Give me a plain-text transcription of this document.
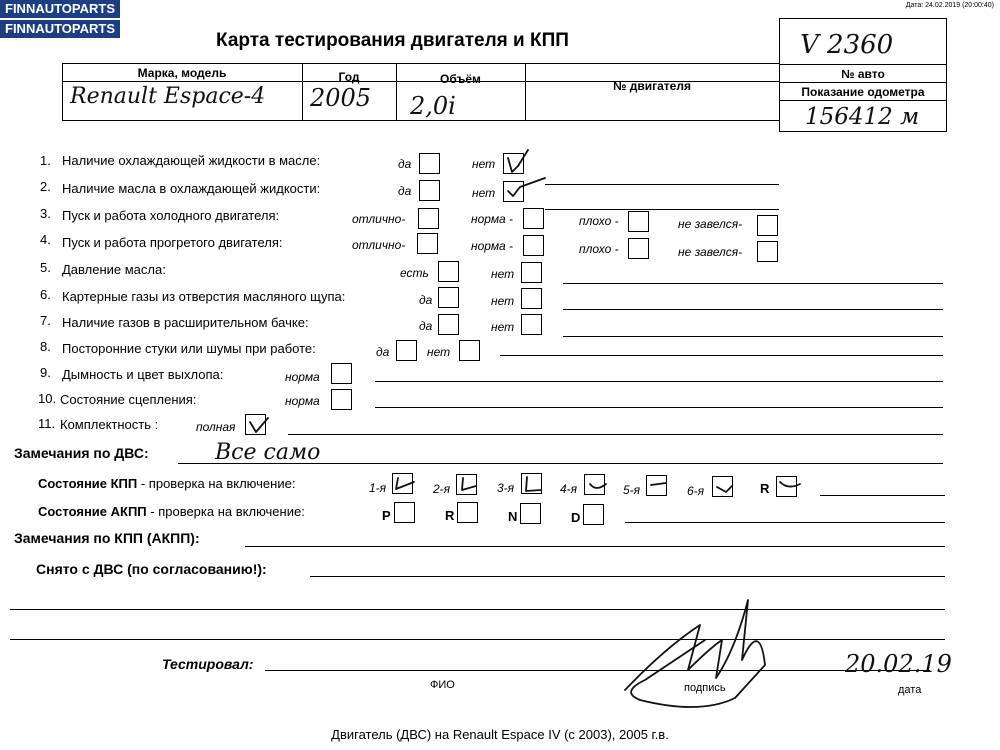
FINNAUTOPARTS
FINNAUTOPARTS
Дата: 24.02.2019 (20:00:40)
Карта тестирования двигателя и КПП	V 2360
№ авто
Показание одометра
156412 м
Марка, модель	Год	Объём	№ двигателя
Renault Espace-4 2005 2,0i
1. Наличие охлаждающей жидкости в масле:	да	нет
2. Наличие масла в охлаждающей жидкости:	да	нет
3. Пуск и работа холодного двигателя:	отлично-	норма -	плохо -	не завелся-
4. Пуск и работа прогретого двигателя:	отлично-	норма -	плохо -	не завелся-
5. Давление масла:	есть	нет
6. Картерные газы из отверстия масляного щупа:	да	нет
7. Наличие газов в расширительном бачке:	да	нет
8. Посторонние стуки или шумы при работе:	да	нет
9. Дымность и цвет выхлопа:	норма
10. Состояние сцепления:	норма
11. Комплектность :	полная
Замечания по ДВС:	Все само
Состояние КПП - проверка на включение:	1-я	2-я	3-я	4-я	5-я	6-я	R
Состояние АКПП - проверка на включение:	P	R	N	D
Замечания по КПП (АКПП):
Снято с ДВС (по согласованию!):
Тестировал:
ФИО	подпись	дата
20.02.19
Двигатель (ДВС) на Renault Espace IV (с 2003), 2005 г.в.
